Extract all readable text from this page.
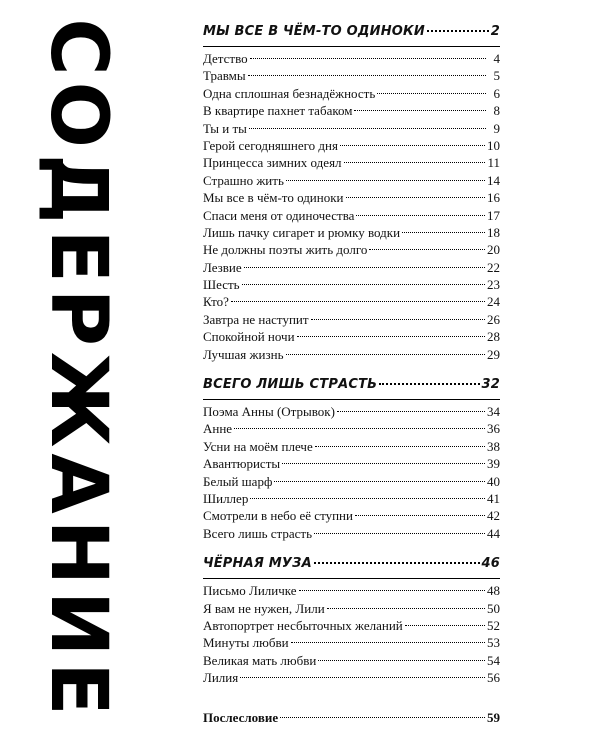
СОДЕРЖАНИЕ	МЫ ВСЕ В ЧЁМ-ТО ОДИНОКИ	2
Детство	4
Травмы	5
Одна сплошная безнадёжность	6
В квартире пахнет табаком	8
Ты и ты	9
Герой сегодняшнего дня	10
Принцесса зимних одеял	11
Страшно жить	14
Мы все в чём-то одиноки	16
Спаси меня от одиночества	17
Лишь пачку сигарет и рюмку водки	18
Не должны поэты жить долго	20
Лезвие	22
Шесть	23
Кто?	24
Завтра не наступит	26
Спокойной ночи	28
Лучшая жизнь	29
ВСЕГО ЛИШЬ СТРАСТЬ	32
Поэма Анны (Отрывок)	34
Анне	36
Усни на моём плече	38
Авантюристы	39
Белый шарф	40
Шиллер	41
Смотрели в небо её ступни	42
Всего лишь страсть	44
ЧЁРНАЯ МУЗА	46
Письмо Лиличке	48
Я вам не нужен, Лили	50
Автопортрет несбыточных желаний	52
Минуты любви	53
Великая мать любви	54
Лилия	56
Послесловие	59
